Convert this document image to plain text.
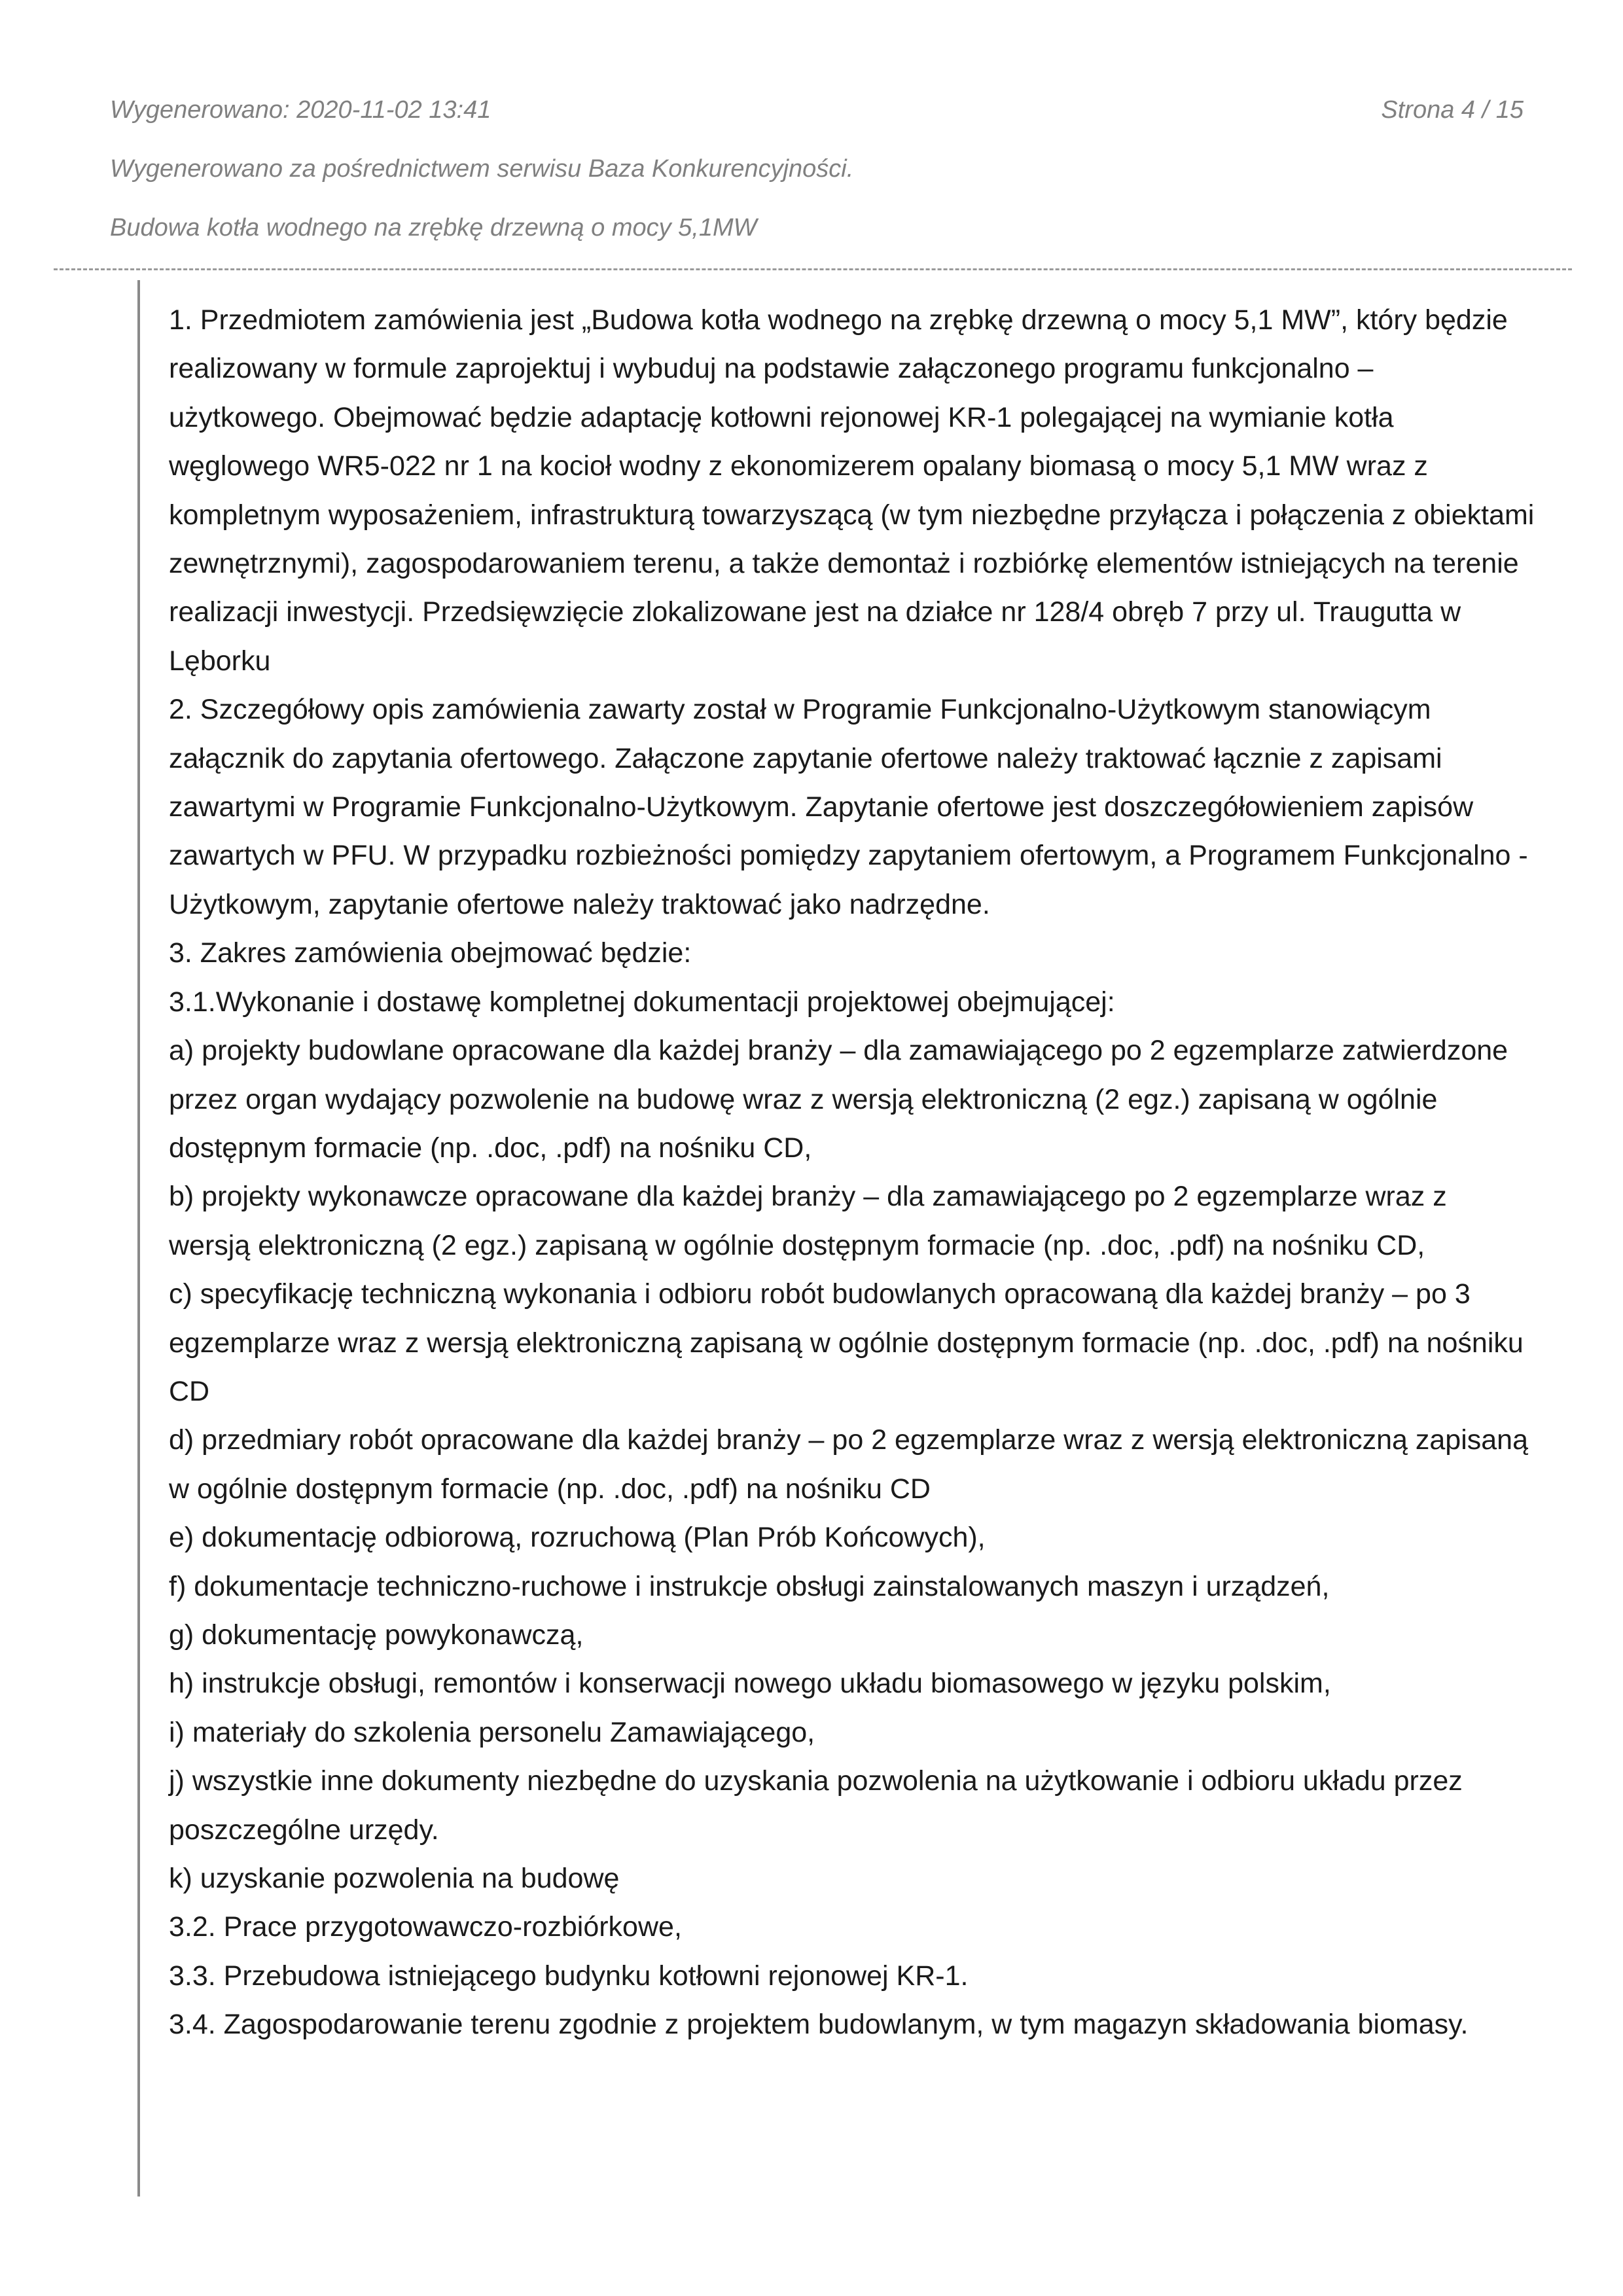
Wygenerowano: 2020-11-02 13:41	Strona 4 / 15
Wygenerowano za pośrednictwem serwisu Baza Konkurencyjności.
Budowa kotła wodnego na zrębkę drzewną o mocy 5,1MW

1. Przedmiotem zamówienia jest „Budowa kotła wodnego na zrębkę drzewną o mocy 5,1 MW”, który będzie realizowany w formule zaprojektuj i wybuduj na podstawie załączonego programu funkcjonalno – użytkowego. Obejmować będzie adaptację kotłowni rejonowej KR-1 polegającej na wymianie kotła węglowego WR5-022 nr 1 na kocioł wodny z ekonomizerem opalany biomasą o mocy 5,1 MW wraz z kompletnym wyposażeniem, infrastrukturą towarzyszącą (w tym niezbędne przyłącza i połączenia z obiektami zewnętrznymi), zagospodarowaniem terenu, a także demontaż i rozbiórkę elementów istniejących na terenie realizacji inwestycji. Przedsięwzięcie zlokalizowane jest na działce nr 128/4 obręb 7 przy ul. Traugutta w Lęborku

2. Szczegółowy opis zamówienia zawarty został w Programie Funkcjonalno-Użytkowym stanowiącym załącznik do zapytania ofertowego. Załączone zapytanie ofertowe należy traktować łącznie z zapisami zawartymi w Programie Funkcjonalno-Użytkowym. Zapytanie ofertowe jest doszczegółowieniem zapisów zawartych w PFU. W przypadku rozbieżności pomiędzy zapytaniem ofertowym, a Programem Funkcjonalno - Użytkowym, zapytanie ofertowe należy traktować jako nadrzędne.

3. Zakres zamówienia obejmować będzie:

3.1.Wykonanie i dostawę kompletnej dokumentacji projektowej obejmującej:

a) projekty budowlane opracowane dla każdej branży – dla zamawiającego po 2 egzemplarze zatwierdzone przez organ wydający pozwolenie na budowę wraz z wersją elektroniczną (2 egz.) zapisaną w ogólnie dostępnym formacie (np. .doc, .pdf) na nośniku CD,

b) projekty wykonawcze opracowane dla każdej branży – dla zamawiającego po 2 egzemplarze wraz z wersją elektroniczną (2 egz.) zapisaną w ogólnie dostępnym formacie (np. .doc, .pdf) na nośniku CD,

c) specyfikację techniczną wykonania i odbioru robót budowlanych opracowaną dla każdej branży – po 3 egzemplarze wraz z wersją elektroniczną zapisaną w ogólnie dostępnym formacie (np. .doc, .pdf) na nośniku CD

d) przedmiary robót opracowane dla każdej branży – po 2 egzemplarze wraz z wersją elektroniczną zapisaną w ogólnie dostępnym formacie (np. .doc, .pdf) na nośniku CD

e) dokumentację odbiorową, rozruchową (Plan Prób Końcowych),

f) dokumentacje techniczno-ruchowe i instrukcje obsługi zainstalowanych maszyn i urządzeń,

g) dokumentację powykonawczą,

h) instrukcje obsługi, remontów i konserwacji nowego układu biomasowego w języku polskim,

i) materiały do szkolenia personelu Zamawiającego,

j) wszystkie inne dokumenty niezbędne do uzyskania pozwolenia na użytkowanie i odbioru układu przez poszczególne urzędy.

k) uzyskanie pozwolenia na budowę

3.2. Prace przygotowawczo-rozbiórkowe,

3.3. Przebudowa istniejącego budynku kotłowni rejonowej KR-1.

3.4. Zagospodarowanie terenu zgodnie z projektem budowlanym, w tym magazyn składowania biomasy.
